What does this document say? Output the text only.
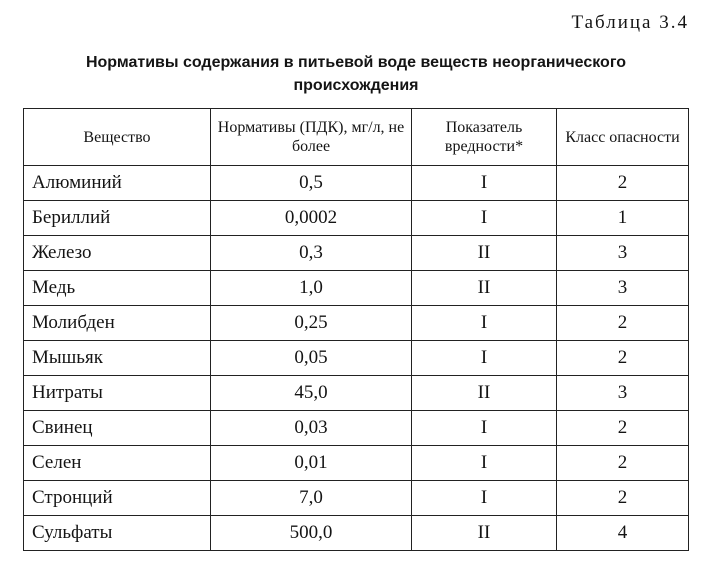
Таблица 3.4
Нормативы содержания в питьевой воде веществ неорганического происхождения
Вещество	Нормативы (ПДК), мг/л, не более	Показатель вредности*	Класс опасности
Алюминий	0,5	I	2
Бериллий	0,0002	I	1
Железо	0,3	II	3
Медь	1,0	II	3
Молибден	0,25	I	2
Мышьяк	0,05	I	2
Нитраты	45,0	II	3
Свинец	0,03	I	2
Селен	0,01	I	2
Стронций	7,0	I	2
Сульфаты	500,0	II	4
